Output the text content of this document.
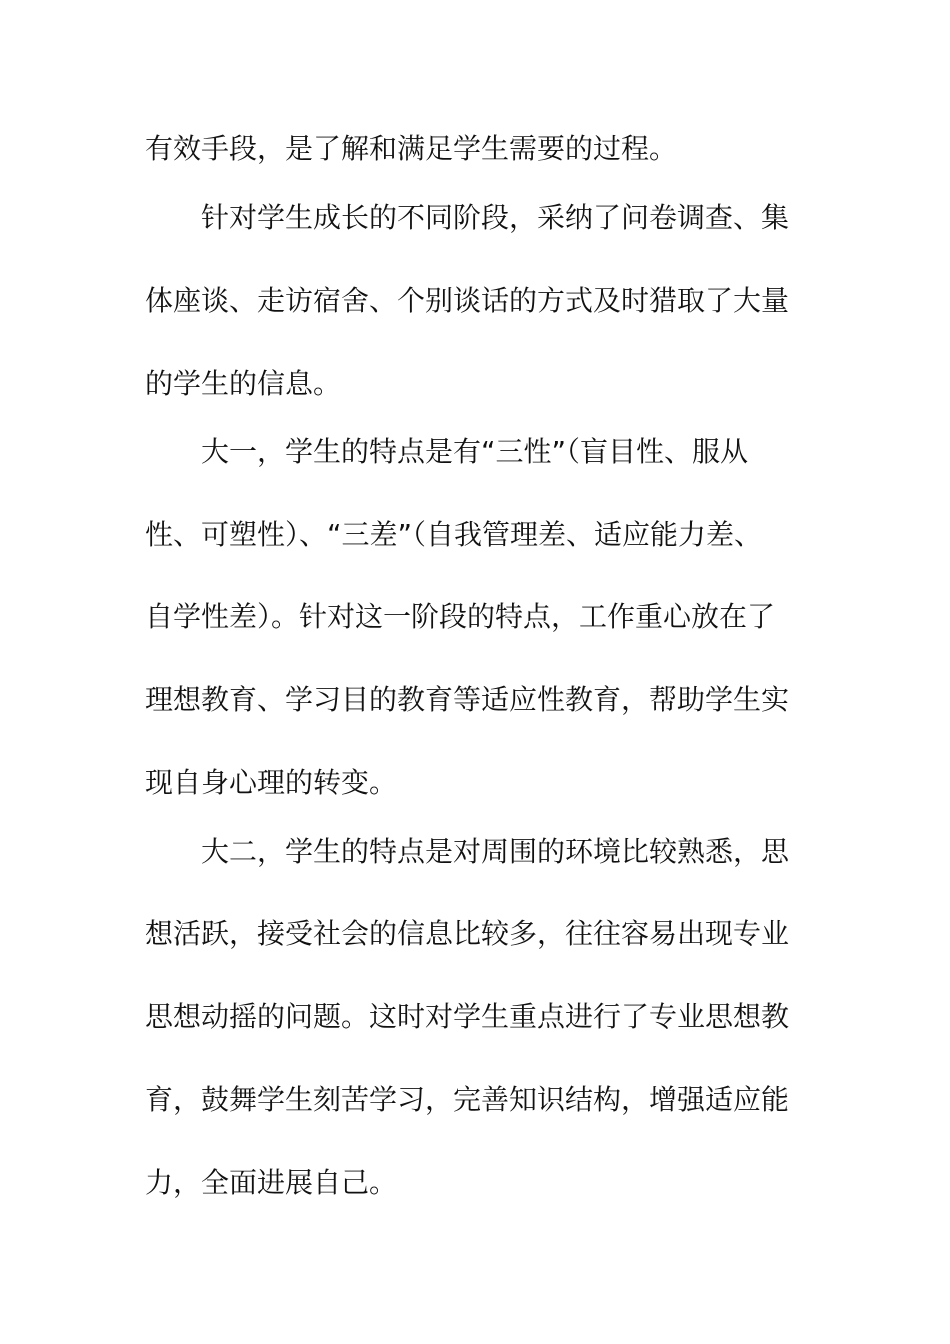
有效手段，是了解和满足学生需要的过程。
针对学生成长的不同阶段，采纳了问卷调查、集
体座谈、走访宿舍、个别谈话的方式及时猎取了大量
的学生的信息。
大一，学生的特点是有“三性”（盲目性、服从
性、可塑性）、“三差”（自我管理差、适应能力差、
自学性差）。针对这一阶段的特点，工作重心放在了
理想教育、学习目的教育等适应性教育，帮助学生实
现自身心理的转变。
大二，学生的特点是对周围的环境比较熟悉，思
想活跃，接受社会的信息比较多，往往容易出现专业
思想动摇的问题。这时对学生重点进行了专业思想教
育，鼓舞学生刻苦学习，完善知识结构，增强适应能
力，全面进展自己。
